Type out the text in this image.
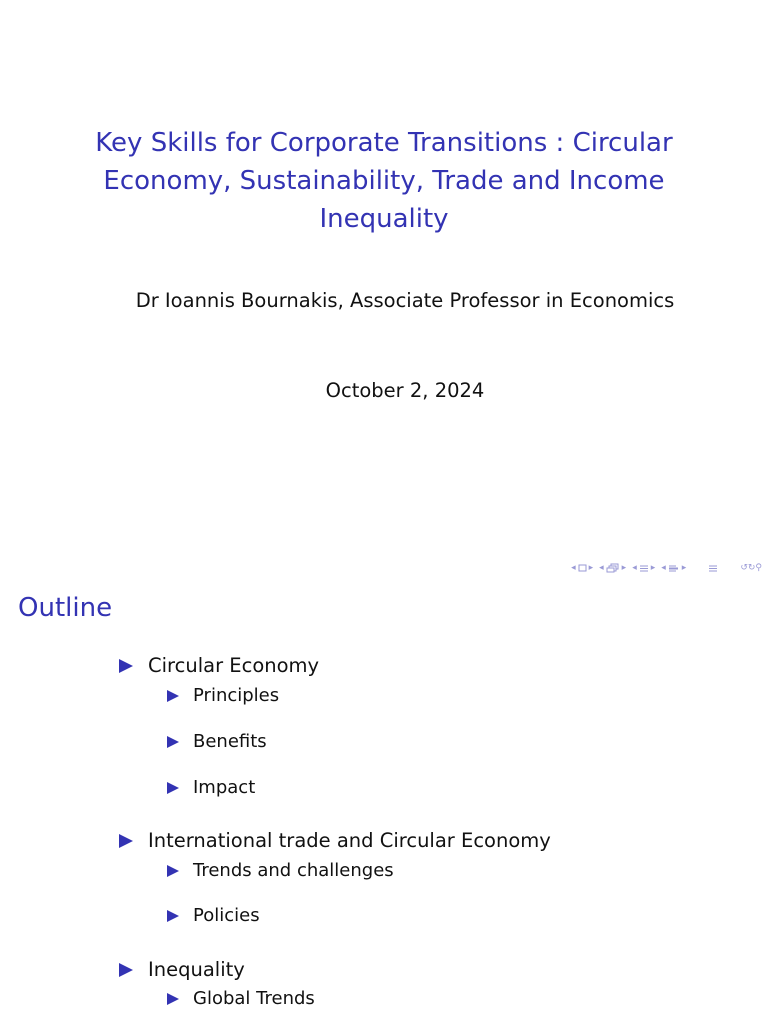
Key Skills for Corporate Transitions : Circular Economy, Sustainability, Trade and Income Inequality
Dr Ioannis Bournakis, Associate Professor in Economics
October 2, 2024
◂ ▸ ◂ ▸ ◂ ▸ ◂ ▸	↺↻⚲
Outline
Circular Economy
Principles
Benefits
Impact
International trade and Circular Economy
Trends and challenges
Policies
Inequality
Global Trends
